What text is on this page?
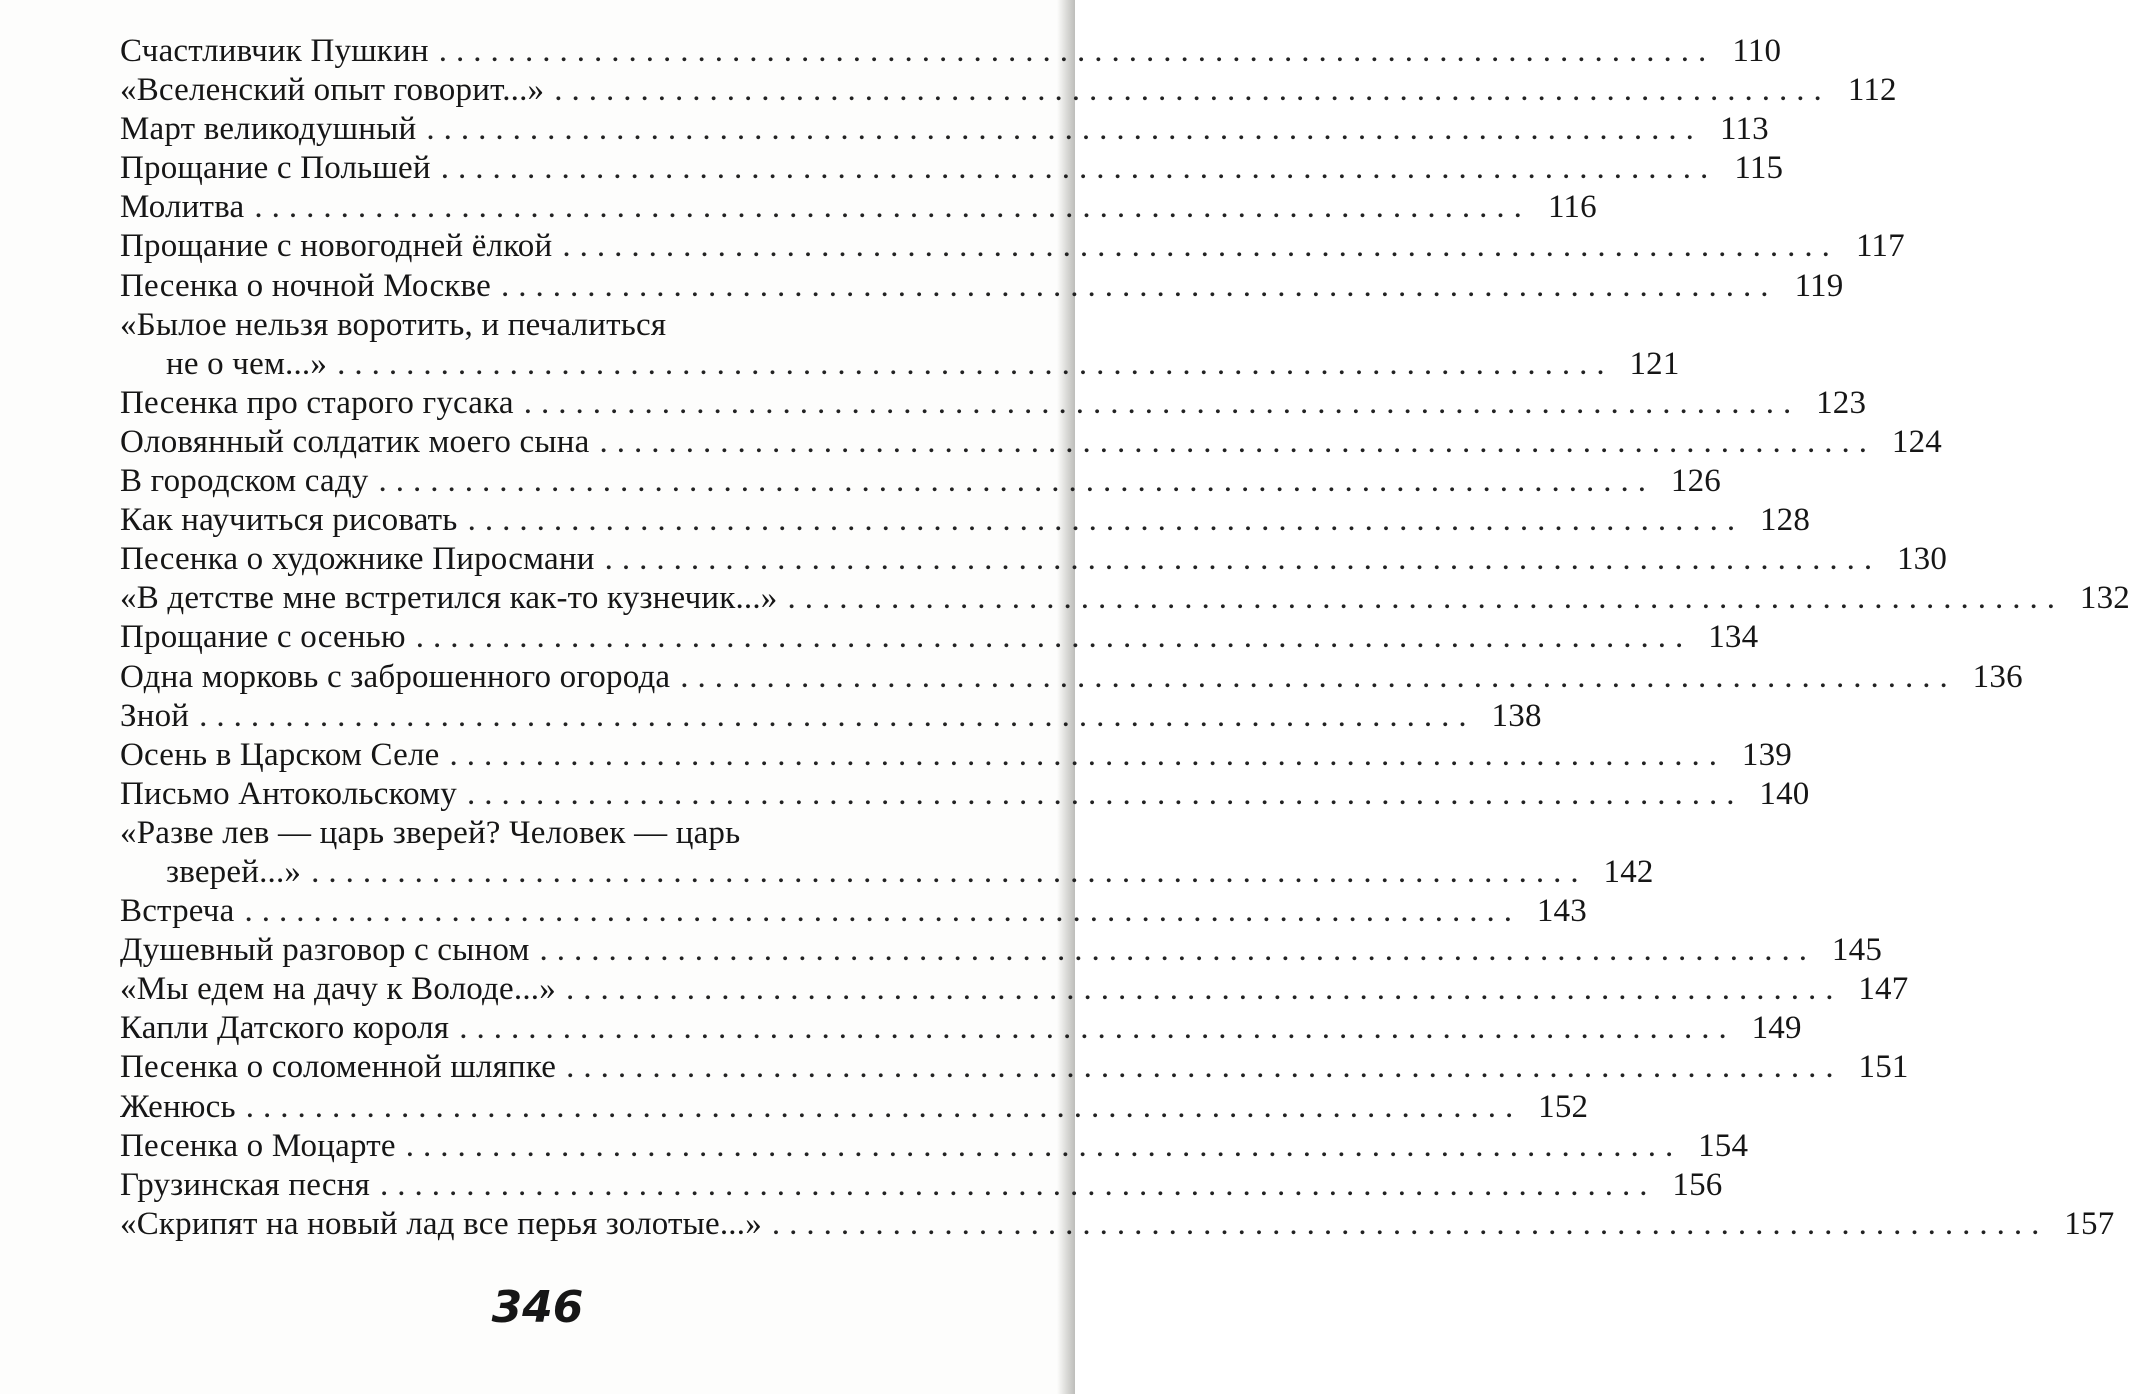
Счастливчик Пушкин .......................................................................... 110
«Вселенский опыт говорит...» .......................................................................... 112
Март великодушный .......................................................................... 113
Прощание с Польшей .......................................................................... 115
Молитва .......................................................................... 116
Прощание с новогодней ёлкой .......................................................................... 117
Песенка о ночной Москве .......................................................................... 119
«Былое нельзя воротить, и печалиться
не о чем...» .......................................................................... 121
Песенка про старого гусака .......................................................................... 123
Оловянный солдатик моего сына .......................................................................... 124
В городском саду .......................................................................... 126
Как научиться рисовать .......................................................................... 128
Песенка о художнике Пиросмани .......................................................................... 130
«В детстве мне встретился как-то кузнечик...» .......................................................................... 132
Прощание с осенью .......................................................................... 134
Одна морковь с заброшенного огорода .......................................................................... 136
Зной .......................................................................... 138
Осень в Царском Селе .......................................................................... 139
Письмо Антокольскому .......................................................................... 140
«Разве лев — царь зверей? Человек — царь
зверей...» .......................................................................... 142
Встреча .......................................................................... 143
Душевный разговор с сыном .......................................................................... 145
«Мы едем на дачу к Володе...» .......................................................................... 147
Капли Датского короля .......................................................................... 149
Песенка о соломенной шляпке .......................................................................... 151
Женюсь .......................................................................... 152
Песенка о Моцарте .......................................................................... 154
Грузинская песня .......................................................................... 156
«Скрипят на новый лад все перья золотые...» .......................................................................... 157
346
